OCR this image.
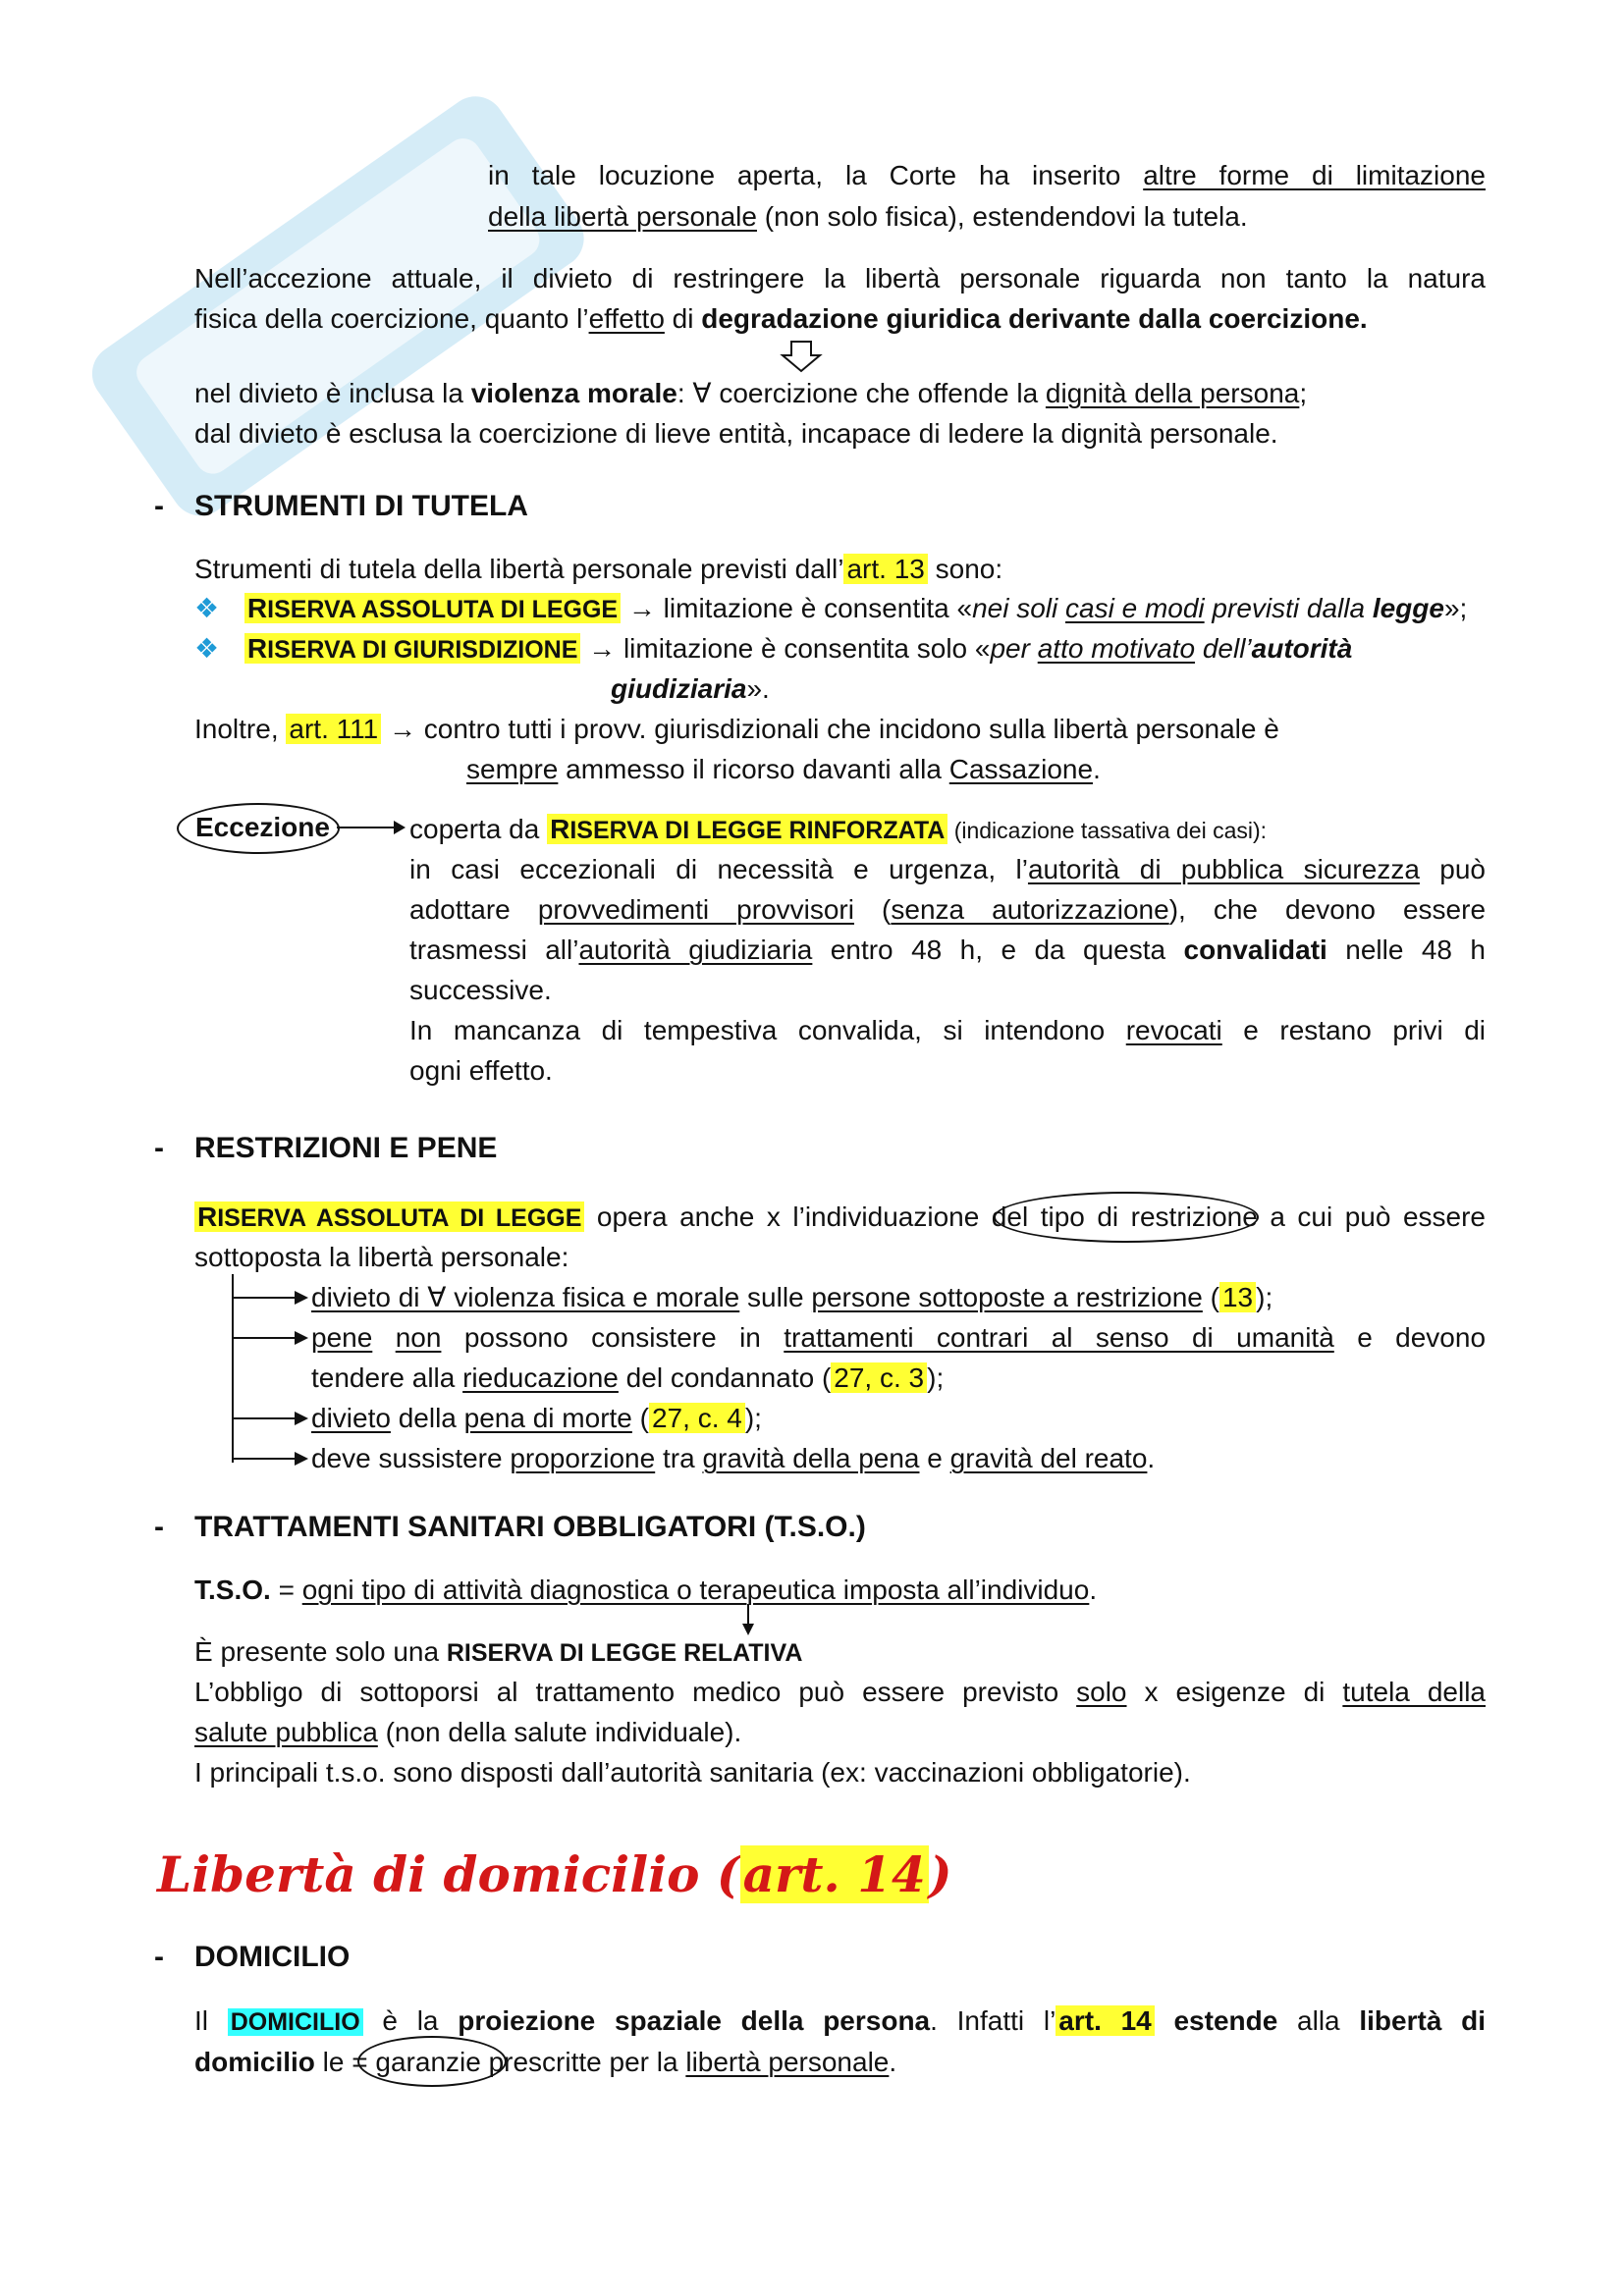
in tale locuzione aperta, la Corte ha inserito altre forme di limitazione
della libertà personale (non solo fisica), estendendovi la tutela.
Nell’accezione attuale, il divieto di restringere la libertà personale riguarda non tanto la natura
fisica della coercizione, quanto l’effetto di degradazione giuridica derivante dalla coercizione.
nel divieto è inclusa la violenza morale: ∀ coercizione che offende la dignità della persona;
dal divieto è esclusa la coercizione di lieve entità, incapace di ledere la dignità personale.
- STRUMENTI DI TUTELA
Strumenti di tutela della libertà personale previsti dall’ art. 13 sono:
❖ RISERVA ASSOLUTA DI LEGGE → limitazione è consentita «nei soli casi e modi previsti dalla legge»;
❖ RISERVA DI GIURISDIZIONE → limitazione è consentita solo «per atto motivato dell’autorità
giudiziaria».
Inoltre, art. 111 → contro tutti i provv. giurisdizionali che incidono sulla libertà personale è
sempre ammesso il ricorso davanti alla Cassazione.
Eccezione	coperta da RISERVA DI LEGGE RINFORZATA (indicazione tassativa dei casi):
in casi eccezionali di necessità e urgenza, l’autorità di pubblica sicurezza può
adottare provvedimenti provvisori (senza autorizzazione), che devono essere
trasmessi all’autorità giudiziaria entro 48 h, e da questa convalidati nelle 48 h
successive.
In mancanza di tempestiva convalida, si intendono revocati e restano privi di
ogni effetto.
- RESTRIZIONI E PENE
RISERVA ASSOLUTA DI LEGGE opera anche x l’individuazione del tipo di restrizione a cui può essere
sottoposta la libertà personale:
divieto di ∀ violenza fisica e morale sulle persone sottoposte a restrizione ( 13 );
pene non possono consistere in trattamenti contrari al senso di umanità e devono
tendere alla rieducazione del condannato ( 27, c. 3 );
divieto della pena di morte ( 27, c. 4 );
deve sussistere proporzione tra gravità della pena e gravità del reato.
- TRATTAMENTI SANITARI OBBLIGATORI (T.S.O.)
T.S.O. = ogni tipo di attività diagnostica o terapeutica imposta all’individuo.
È presente solo una RISERVA DI LEGGE RELATIVA
L’obbligo di sottoporsi al trattamento medico può essere previsto solo x esigenze di tutela della
salute pubblica (non della salute individuale).
I principali t.s.o. sono disposti dall’autorità sanitaria (ex: vaccinazioni obbligatorie).
Libertà di domicilio (art. 14)
- DOMICILIO
Il DOMICILIO è la proiezione spaziale della persona. Infatti l’ art. 14 estende alla libertà di
domicilio le = garanzie prescritte per la libertà personale.
